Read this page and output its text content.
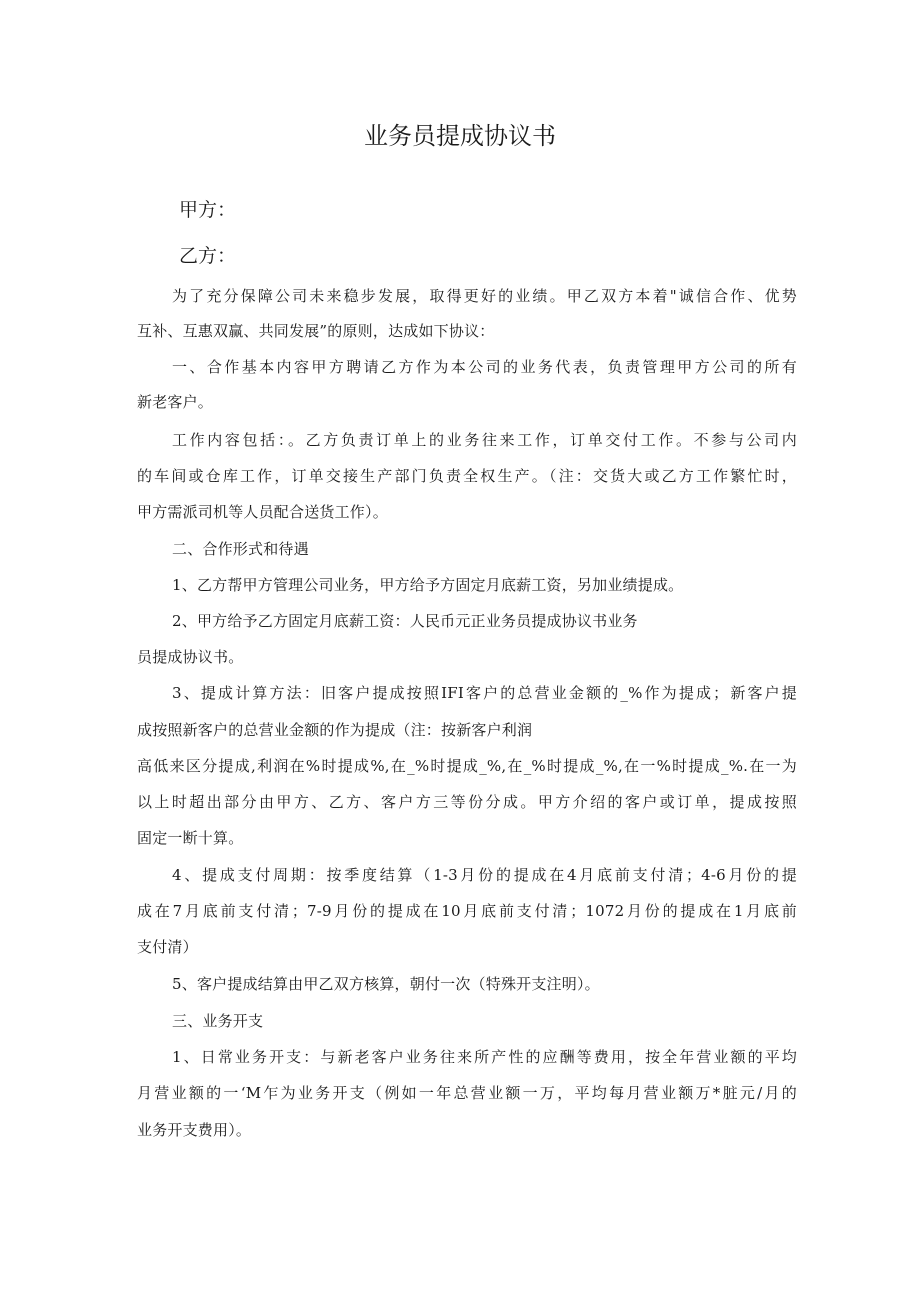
业务员提成协议书
甲方：
乙方：
为了充分保障公司未来稳步发展，取得更好的业绩。甲乙双方本着"诚信合作、优势
互补、互惠双赢、共同发展”的原则，达成如下协议：
一、合作基本内容甲方聘请乙方作为本公司的业务代表，负责管理甲方公司的所有
新老客户。
工作内容包括：。乙方负责订单上的业务往来工作，订单交付工作。不参与公司内
的车间或仓库工作，订单交接生产部门负责全权生产。（注：交货大或乙方工作繁忙时，
甲方需派司机等人员配合送货工作）。
二、合作形式和待遇
1、乙方帮甲方管理公司业务，甲方给予方固定月底薪工资，另加业绩提成。
2、甲方给予乙方固定月底薪工资：人民币元正业务员提成协议书业务
员提成协议书。
3、提成计算方法：旧客户提成按照IFI客户的总营业金额的_%作为提成；新客户提
成按照新客户的总营业金额的作为提成（注：按新客户利润
高低来区分提成,利润在%时提成%,在_%时提成_%,在_%时提成_%,在一%时提成_%.在一为
以上时超出部分由甲方、乙方、客户方三等份分成。甲方介绍的客户或订单，提成按照
固定一断十算。
4、提成支付周期：按季度结算（1-3月份的提成在4月底前支付清；4-6月份的提
成在7月底前支付清；7-9月份的提成在10月底前支付清；1072月份的提成在1月底前
支付清）
5、客户提成结算由甲乙双方核算，朝付一次（特殊开支注明）。
三、业务开支
1、日常业务开支：与新老客户业务往来所产性的应酬等费用，按全年营业额的平均
月营业额的一‘M乍为业务开支（例如一年总营业额一万，平均每月营业额万*脏元/月的
业务开支费用）。
